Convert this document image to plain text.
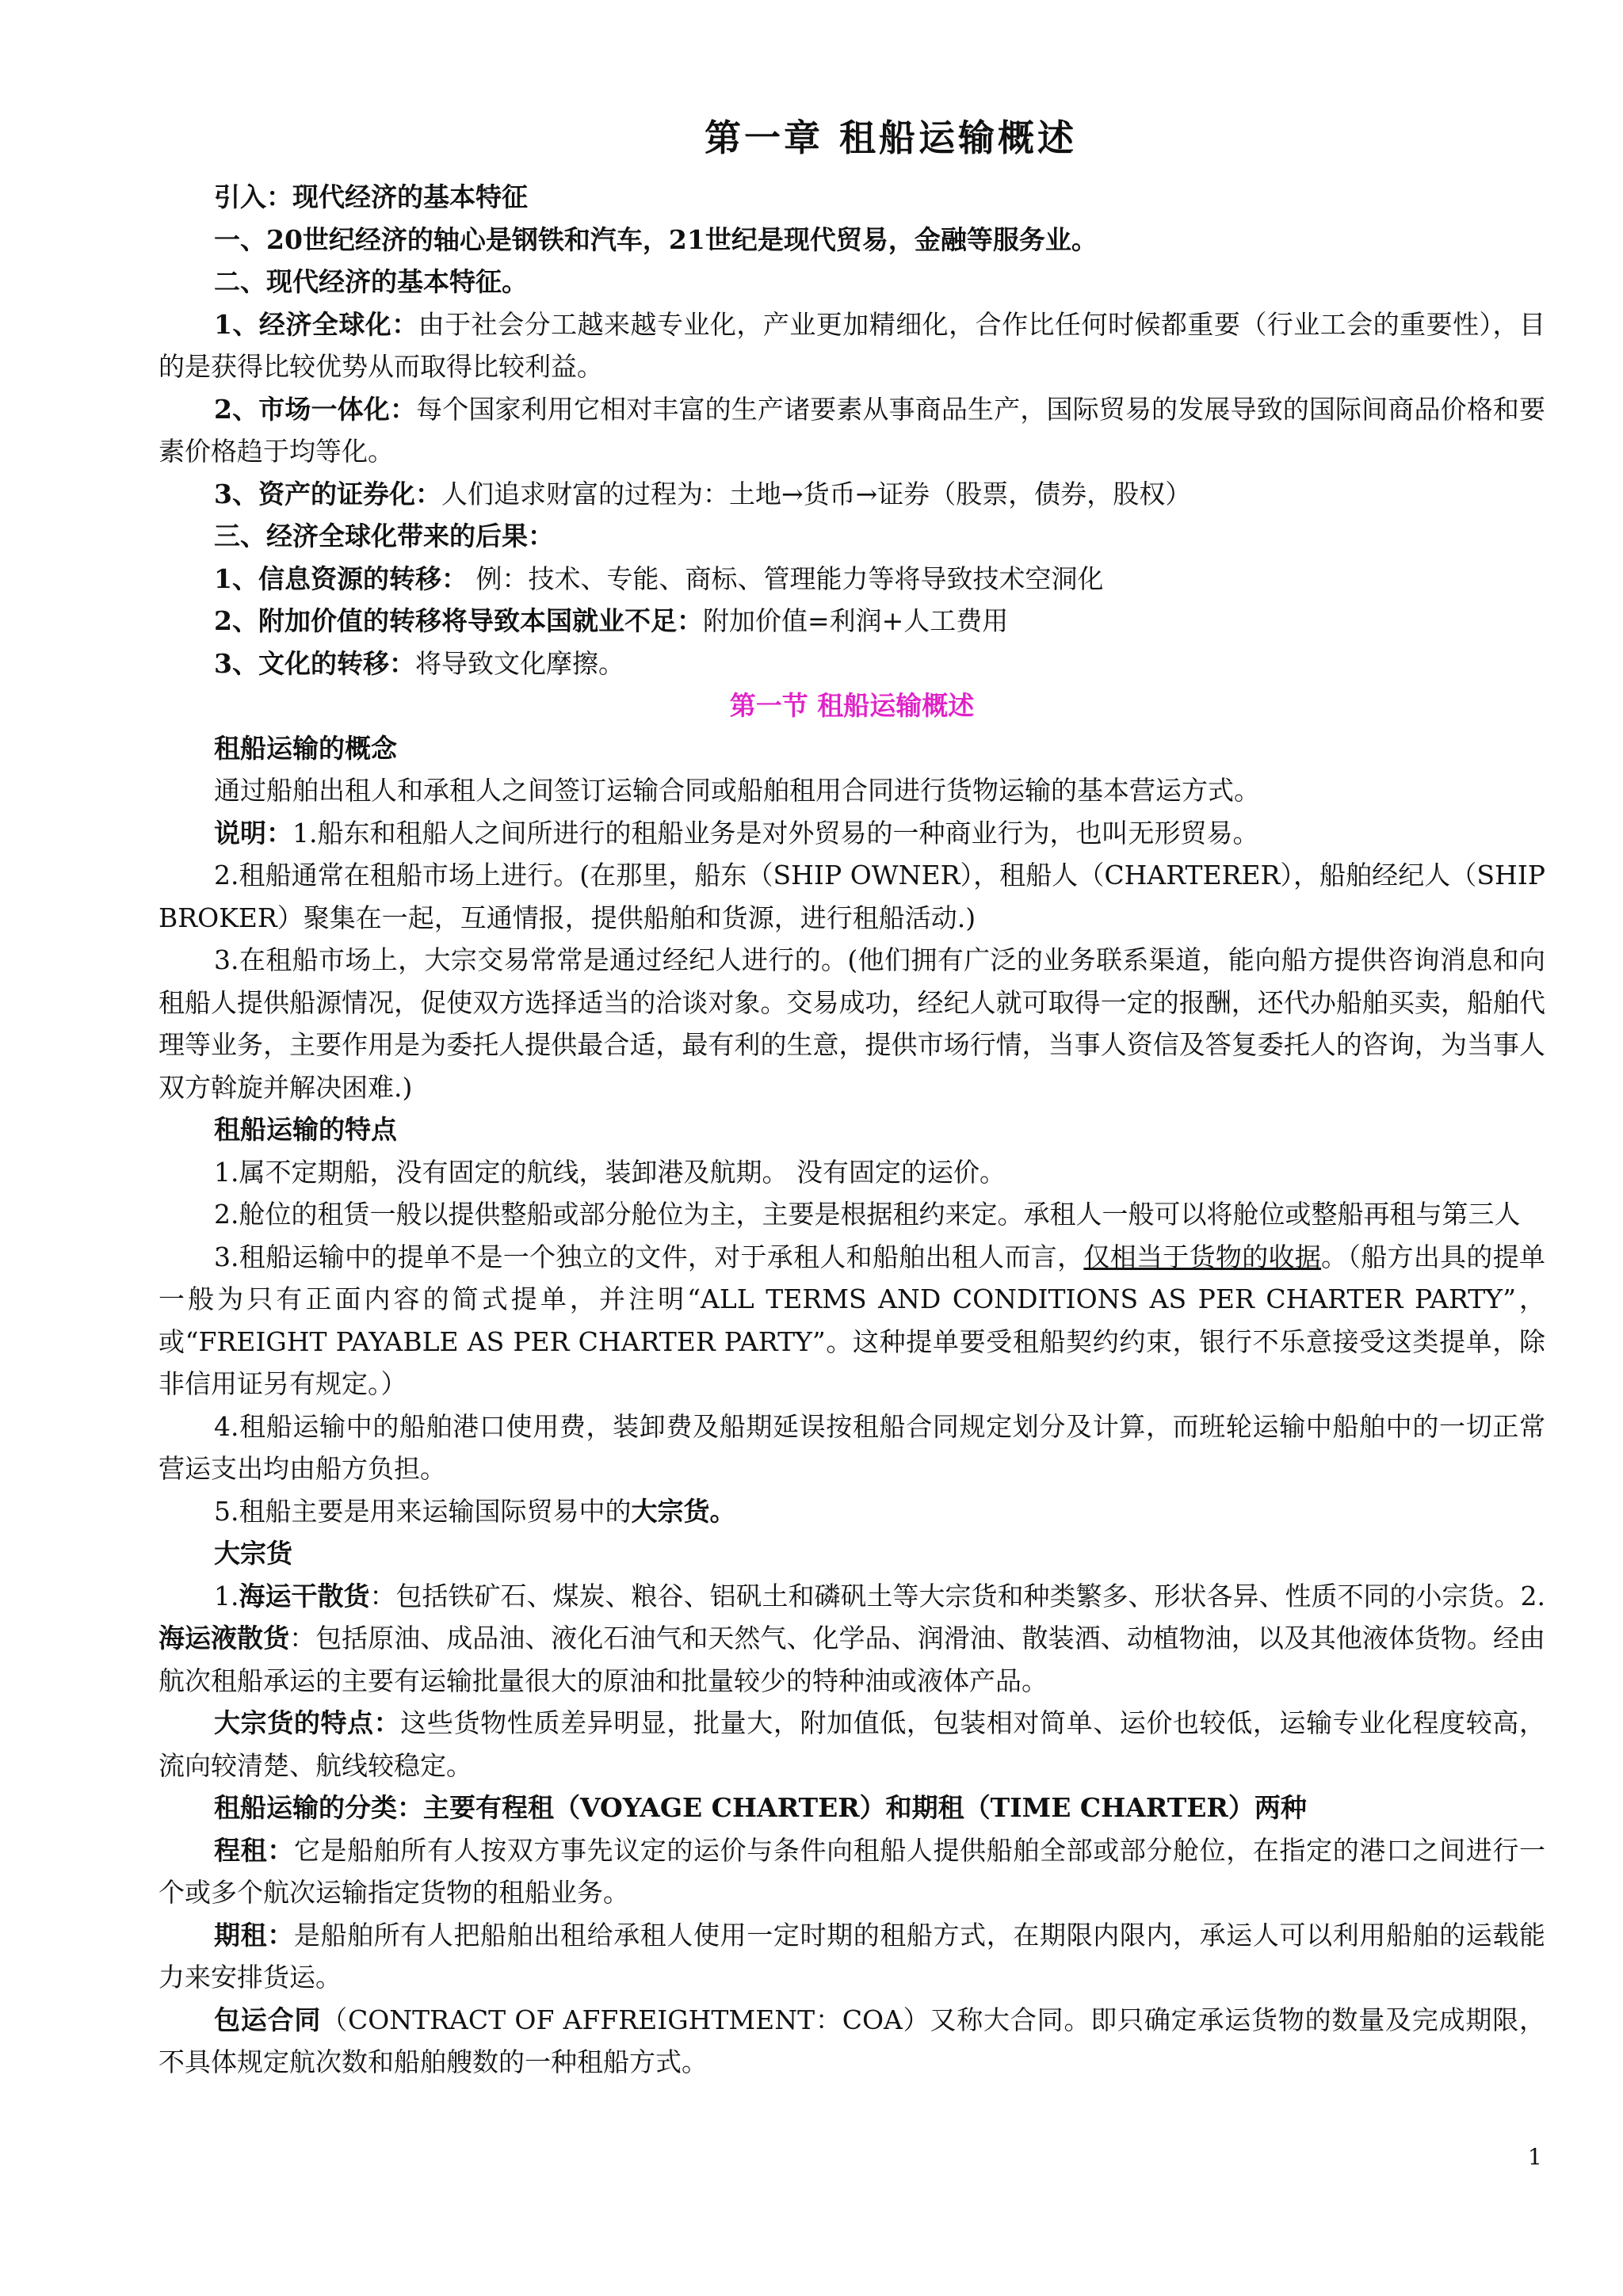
第一章 租船运输概述

引入：现代经济的基本特征

一、20世纪经济的轴心是钢铁和汽车，21世纪是现代贸易，金融等服务业。

二、现代经济的基本特征。

1、经济全球化：由于社会分工越来越专业化，产业更加精细化，合作比任何时候都重要（行业工会的重要性），目的是获得比较优势从而取得比较利益。

2、市场一体化：每个国家利用它相对丰富的生产诸要素从事商品生产，国际贸易的发展导致的国际间商品价格和要素价格趋于均等化。

3、资产的证券化：人们追求财富的过程为：土地→货币→证券（股票，债券，股权）

三、经济全球化带来的后果：

1、信息资源的转移： 例：技术、专能、商标、管理能力等将导致技术空洞化

2、附加价值的转移将导致本国就业不足：附加价值=利润+人工费用

3、文化的转移：将导致文化摩擦。

第一节 租船运输概述

租船运输的概念

通过船舶出租人和承租人之间签订运输合同或船舶租用合同进行货物运输的基本营运方式。

说明：1.船东和租船人之间所进行的租船业务是对外贸易的一种商业行为，也叫无形贸易。

2.租船通常在租船市场上进行。(在那里，船东（SHIP OWNER），租船人（CHARTERER），船舶经纪人（SHIP BROKER）聚集在一起，互通情报，提供船舶和货源，进行租船活动.)

3.在租船市场上，大宗交易常常是通过经纪人进行的。(他们拥有广泛的业务联系渠道，能向船方提供咨询消息和向租船人提供船源情况，促使双方选择适当的洽谈对象。交易成功，经纪人就可取得一定的报酬，还代办船舶买卖，船舶代理等业务，主要作用是为委托人提供最合适，最有利的生意，提供市场行情，当事人资信及答复委托人的咨询，为当事人双方斡旋并解决困难.)

租船运输的特点

1.属不定期船，没有固定的航线，装卸港及航期。 没有固定的运价。

2.舱位的租赁一般以提供整船或部分舱位为主，主要是根据租约来定。承租人一般可以将舱位或整船再租与第三人

3.租船运输中的提单不是一个独立的文件，对于承租人和船舶出租人而言，仅相当于货物的收据。（船方出具的提单一般为只有正面内容的简式提单，并注明“ALL TERMS AND CONDITIONS AS PER CHARTER PARTY”，或“FREIGHT PAYABLE AS PER CHARTER PARTY”。这种提单要受租船契约约束，银行不乐意接受这类提单，除非信用证另有规定。）

4.租船运输中的船舶港口使用费，装卸费及船期延误按租船合同规定划分及计算，而班轮运输中船舶中的一切正常营运支出均由船方负担。

5.租船主要是用来运输国际贸易中的大宗货。

大宗货

1.海运干散货：包括铁矿石、煤炭、粮谷、铝矾土和磷矾土等大宗货和种类繁多、形状各异、性质不同的小宗货。2.海运液散货：包括原油、成品油、液化石油气和天然气、化学品、润滑油、散装酒、动植物油，以及其他液体货物。经由航次租船承运的主要有运输批量很大的原油和批量较少的特种油或液体产品。

大宗货的特点：这些货物性质差异明显，批量大，附加值低，包装相对简单、运价也较低，运输专业化程度较高，流向较清楚、航线较稳定。

租船运输的分类：主要有程租（VOYAGE CHARTER）和期租（TIME CHARTER）两种

程租：它是船舶所有人按双方事先议定的运价与条件向租船人提供船舶全部或部分舱位，在指定的港口之间进行一个或多个航次运输指定货物的租船业务。

期租：是船舶所有人把船舶出租给承租人使用一定时期的租船方式，在期限内限内，承运人可以利用船舶的运载能力来安排货运。

包运合同（CONTRACT OF AFFREIGHTMENT：COA）又称大合同。即只确定承运货物的数量及完成期限，不具体规定航次数和船舶艘数的一种租船方式。

1
